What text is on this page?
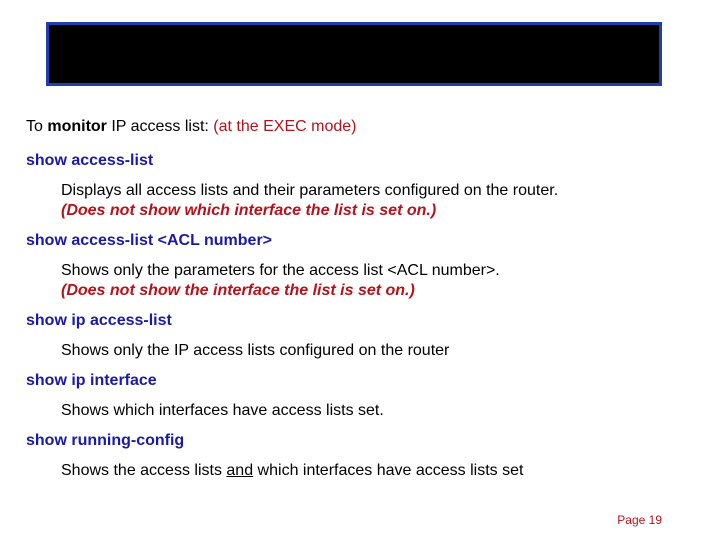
To monitor IP access list: (at the EXEC mode)

show access-list

Displays all access lists and their parameters configured on the router.

(Does not show which interface the list is set on.)

show access-list <ACL number>

Shows only the parameters for the access list <ACL number>.

(Does not show the interface the list is set on.)

show ip access-list

Shows only the IP access lists configured on the router

show ip interface

Shows which interfaces have access lists set.

show running-config

Shows the access lists and which interfaces have access lists set

Page 19
